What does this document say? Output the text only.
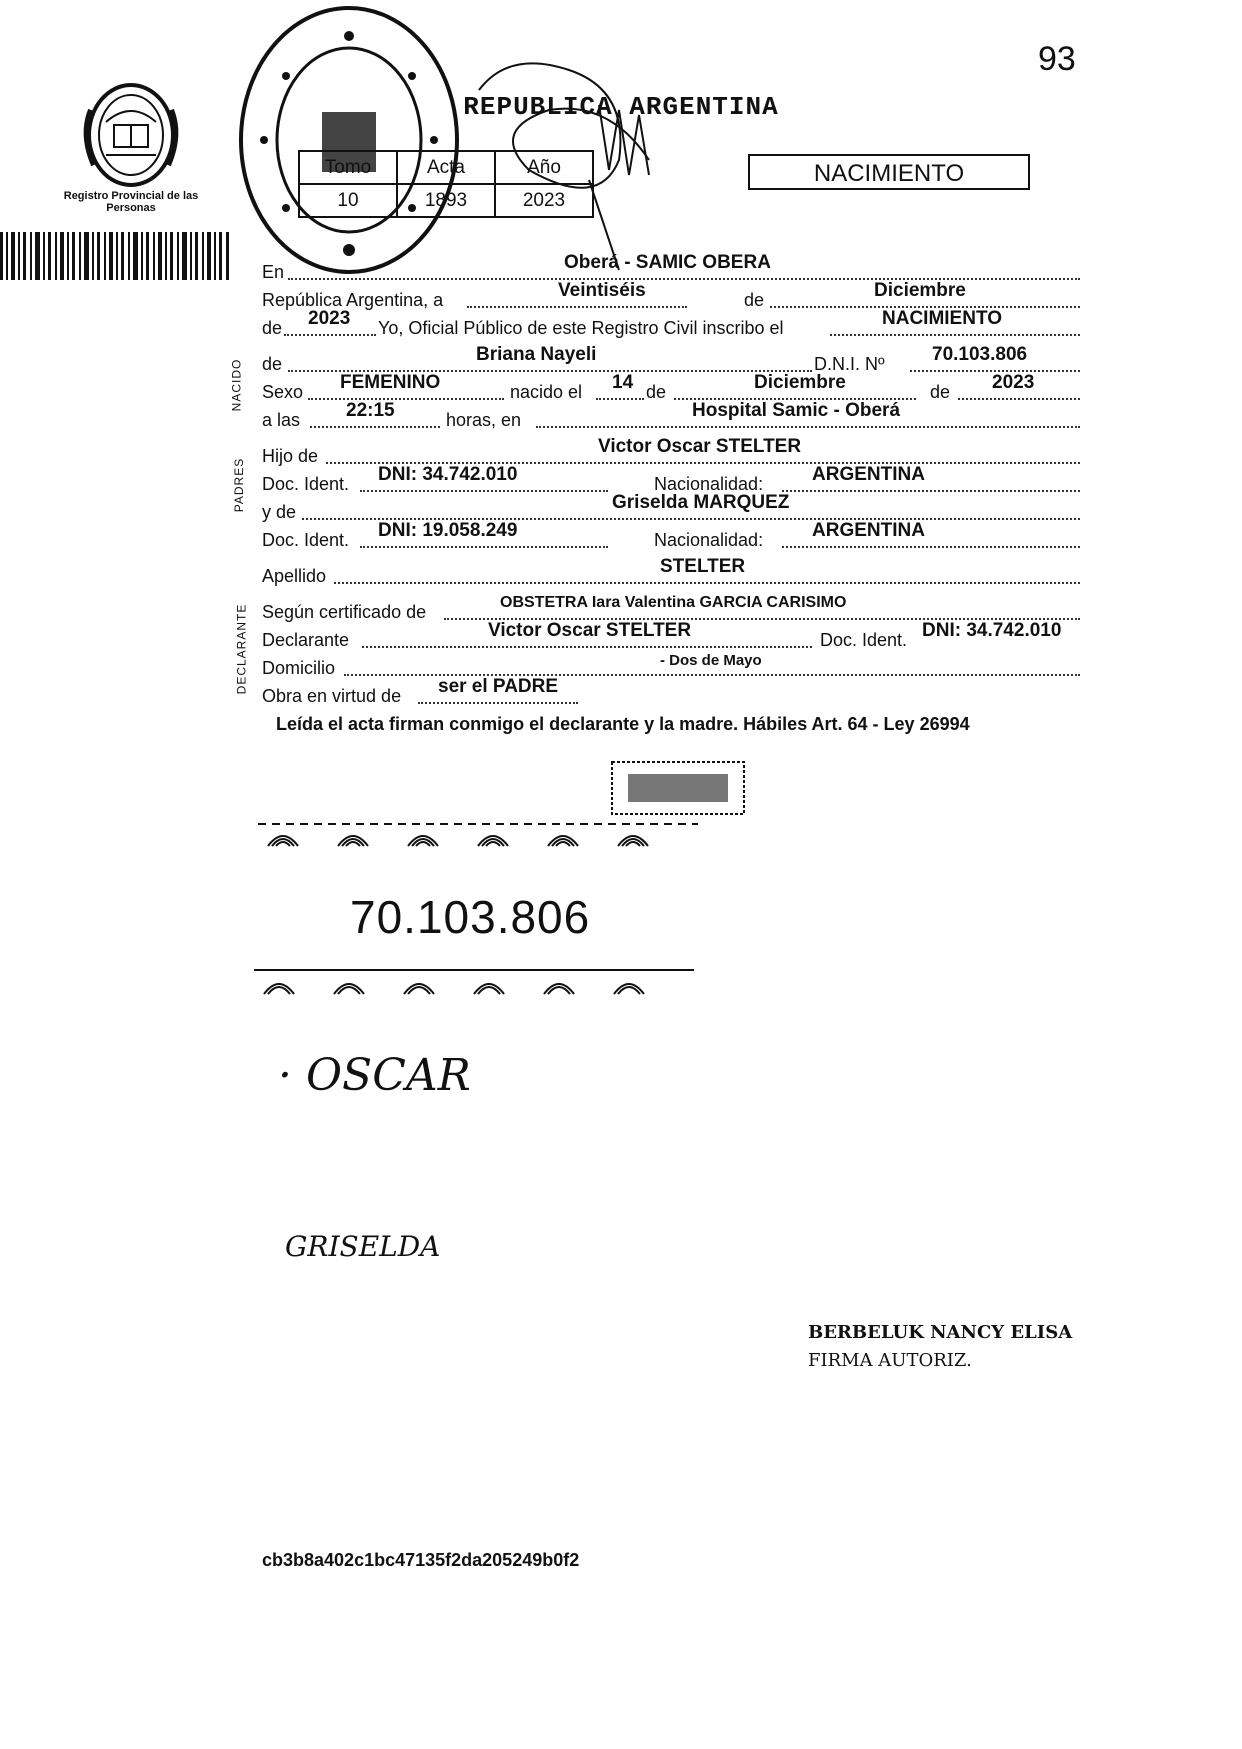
93
REPUBLICA ARGENTINA
Registro Provincial de las Personas
Tomo	Acta	Año
10	1893	2023
NACIMIENTO
NACIDO
PADRES
DECLARANTE
En	Oberá - SAMIC OBERA
República Argentina, a	Veintiséis	de	Diciembre
de 2023 Yo, Oficial Público de este Registro Civil inscribo el	NACIMIENTO
de	Briana Nayeli	D.N.I. Nº 70.103.806
Sexo FEMENINO	nacido el 14 de	Diciembre	de 2023
a las 22:15	horas, en	Hospital Samic - Oberá
Hijo de	Victor Oscar STELTER
Doc. Ident. DNI: 34.742.010	Nacionalidad:	ARGENTINA
y de	Griselda MARQUEZ
Doc. Ident. DNI: 19.058.249	Nacionalidad:	ARGENTINA
Apellido	STELTER
Según certificado de	OBSTETRA Iara Valentina GARCIA CARISIMO
Declarante	Victor Oscar STELTER	Doc. Ident. DNI: 34.742.010
Domicilio	- Dos de Mayo
Obra en virtud de ser el PADRE
Leída el acta firman conmigo el declarante y la madre. Hábiles Art. 64 - Ley 26994
70.103.806

· OSCAR
GRISELDA

BERBELUK NANCY ELISA
FIRMA AUTORIZ.
cb3b8a402c1bc47135f2da205249b0f2
